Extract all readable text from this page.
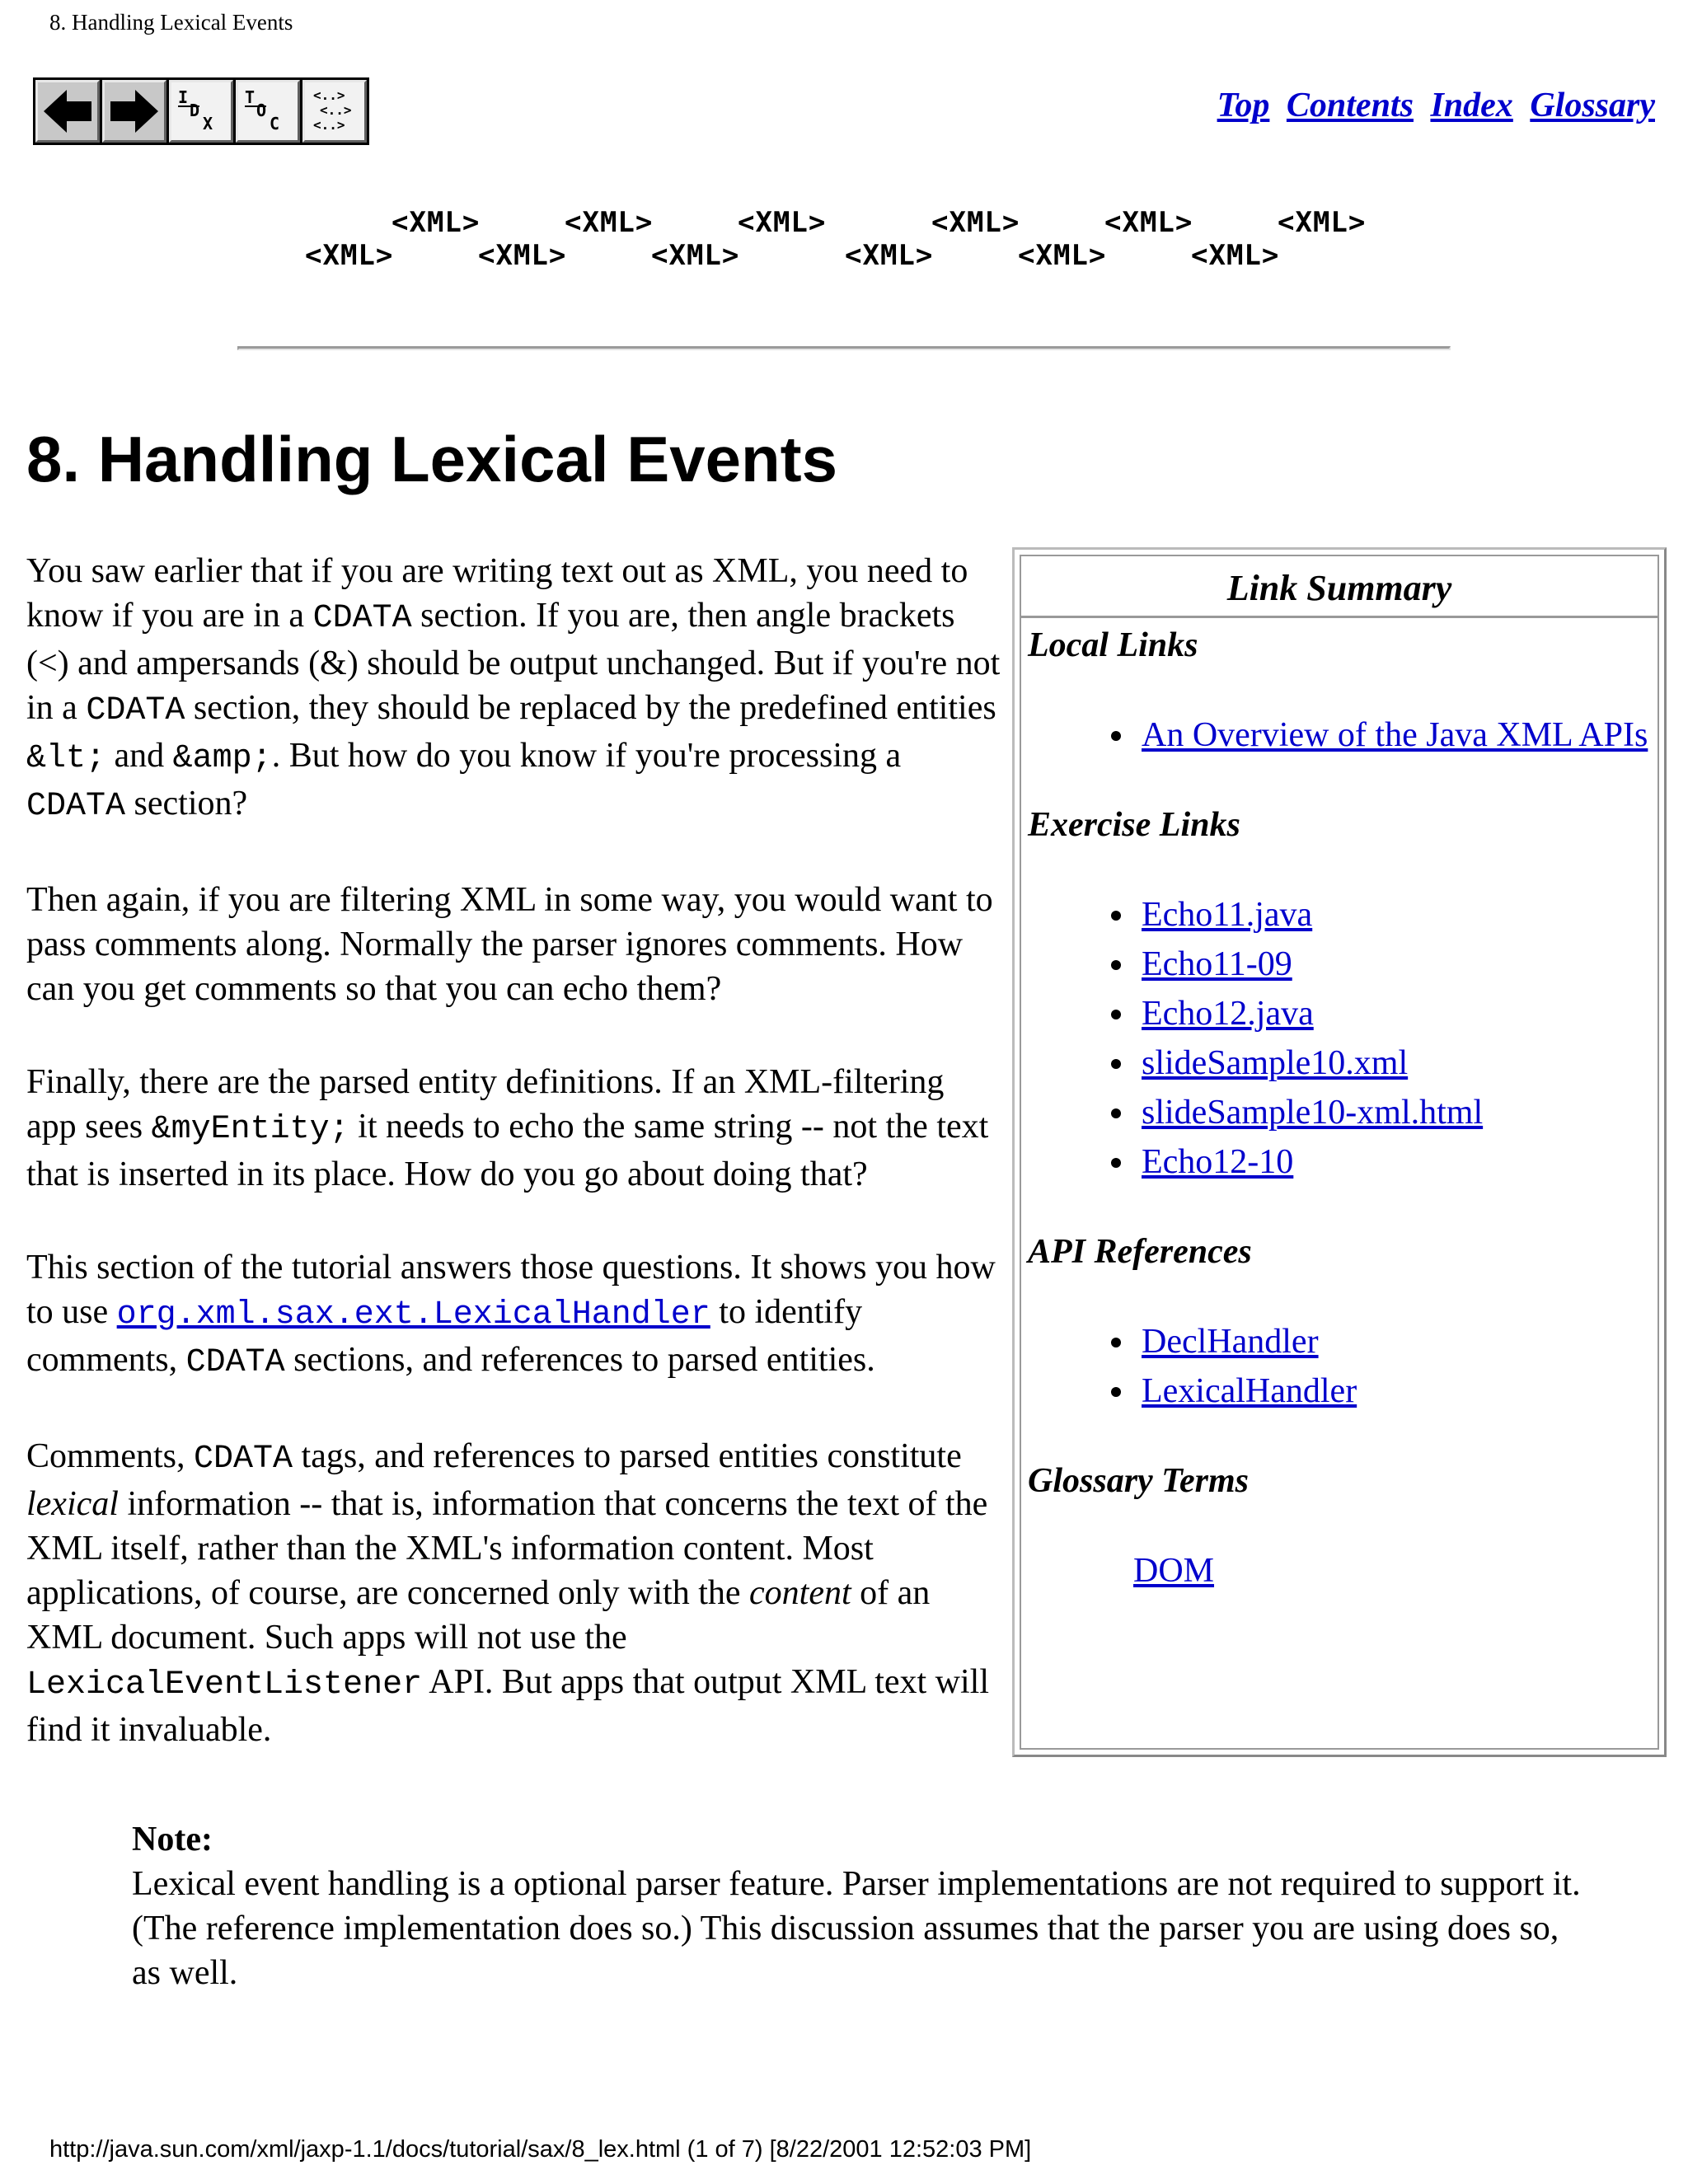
8. Handling Lexical Events
I
D
X
T
O
C
<..>
<..>
<..>
Top Contents Index Glossary
<XML>
<XML>
<XML>
<XML>
<XML>
<XML>
<XML>
<XML>
<XML>
<XML>
<XML>
<XML>
8. Handling Lexical Events
Link Summary
Local Links
• An Overview of the Java XML APIs
Exercise Links
• Echo11.java
• Echo11-09
• Echo12.java
• slideSample10.xml
• slideSample10-xml.html
• Echo12-10
API References
• DeclHandler
• LexicalHandler
Glossary Terms
DOM

You saw earlier that if you are writing text out as XML, you need to know if you are in a CDATA section. If you are, then angle brackets (<) and ampersands (&) should be output unchanged. But if you're not in a CDATA section, they should be replaced by the predefined entities &lt; and &amp;. But how do you know if you're processing a CDATA section?

Then again, if you are filtering XML in some way, you would want to pass comments along. Normally the parser ignores comments. How can you get comments so that you can echo them?

Finally, there are the parsed entity definitions. If an XML-filtering app sees &myEntity; it needs to echo the same string -- not the text that is inserted in its place. How do you go about doing that?

This section of the tutorial answers those questions. It shows you how to use org.xml.sax.ext.LexicalHandler to identify comments, CDATA sections, and references to parsed entities.

Comments, CDATA tags, and references to parsed entities constitute lexical information -- that is, information that concerns the text of the XML itself, rather than the XML's information content. Most applications, of course, are concerned only with the content of an XML document. Such apps will not use the LexicalEventListener API. But apps that output XML text will find it invaluable.

Note:
Lexical event handling is a optional parser feature. Parser implementations are not required to support it. (The reference implementation does so.) This discussion assumes that the parser you are using does so, as well.
http://java.sun.com/xml/jaxp-1.1/docs/tutorial/sax/8_lex.html (1 of 7) [8/22/2001 12:52:03 PM]
